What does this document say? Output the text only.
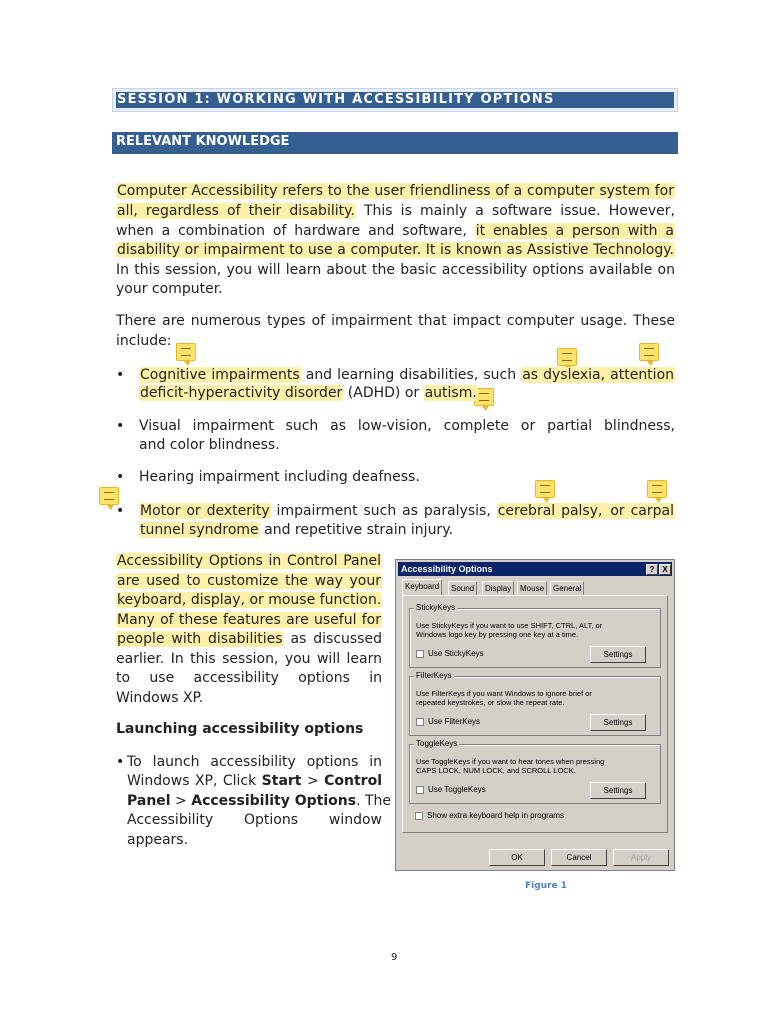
SESSION 1: WORKING WITH ACCESSIBILITY OPTIONS
RELEVANT KNOWLEDGE
Computer Accessibility refers to the user friendliness of a computer system for
all, regardless of their disability. This is mainly a software issue. However,
when a combination of hardware and software, it enables a person with a
disability or impairment to use a computer. It is known as Assistive Technology.
In this session, you will learn about the basic accessibility options available on
your computer.
There are numerous types of impairment that impact computer usage. These
include:
• Cognitive impairments and learning disabilities, such as dyslexia, attention
deficit-hyperactivity disorder (ADHD) or autism.
• Visual impairment such as low-vision, complete or partial blindness,
and color blindness.
• Hearing impairment including deafness.
• Motor or dexterity impairment such as paralysis, cerebral palsy, or carpal
tunnel syndrome and repetitive strain injury.
Accessibility Options in Control Panel
are used to customize the way your
keyboard, display, or mouse function.
Many of these features are useful for
people with disabilities as discussed
earlier. In this session, you will learn
to use accessibility options in
Windows XP.
Launching accessibility options
• To launch accessibility options in
Windows XP, Click Start > Control
Panel > Accessibility Options. The
Accessibility Options window
appears.
Accessibility Options	? X
Keyboard	Sound	Display	Mouse	General
StickyKeys
Use StickyKeys if you want to use SHIFT, CTRL, ALT, or Windows logo key by pressing one key at a time.
Use StickyKeys	Settings
FilterKeys
Use FilterKeys if you want Windows to ignore brief or repeated keystrokes, or slow the repeat rate.
Use FilterKeys	Settings
ToggleKeys
Use ToggleKeys if you want to hear tones when pressing CAPS LOCK, NUM LOCK, and SCROLL LOCK.
Use ToggleKeys	Settings
Show extra keyboard help in programs
OK	Cancel	Apply
Figure 1
9
